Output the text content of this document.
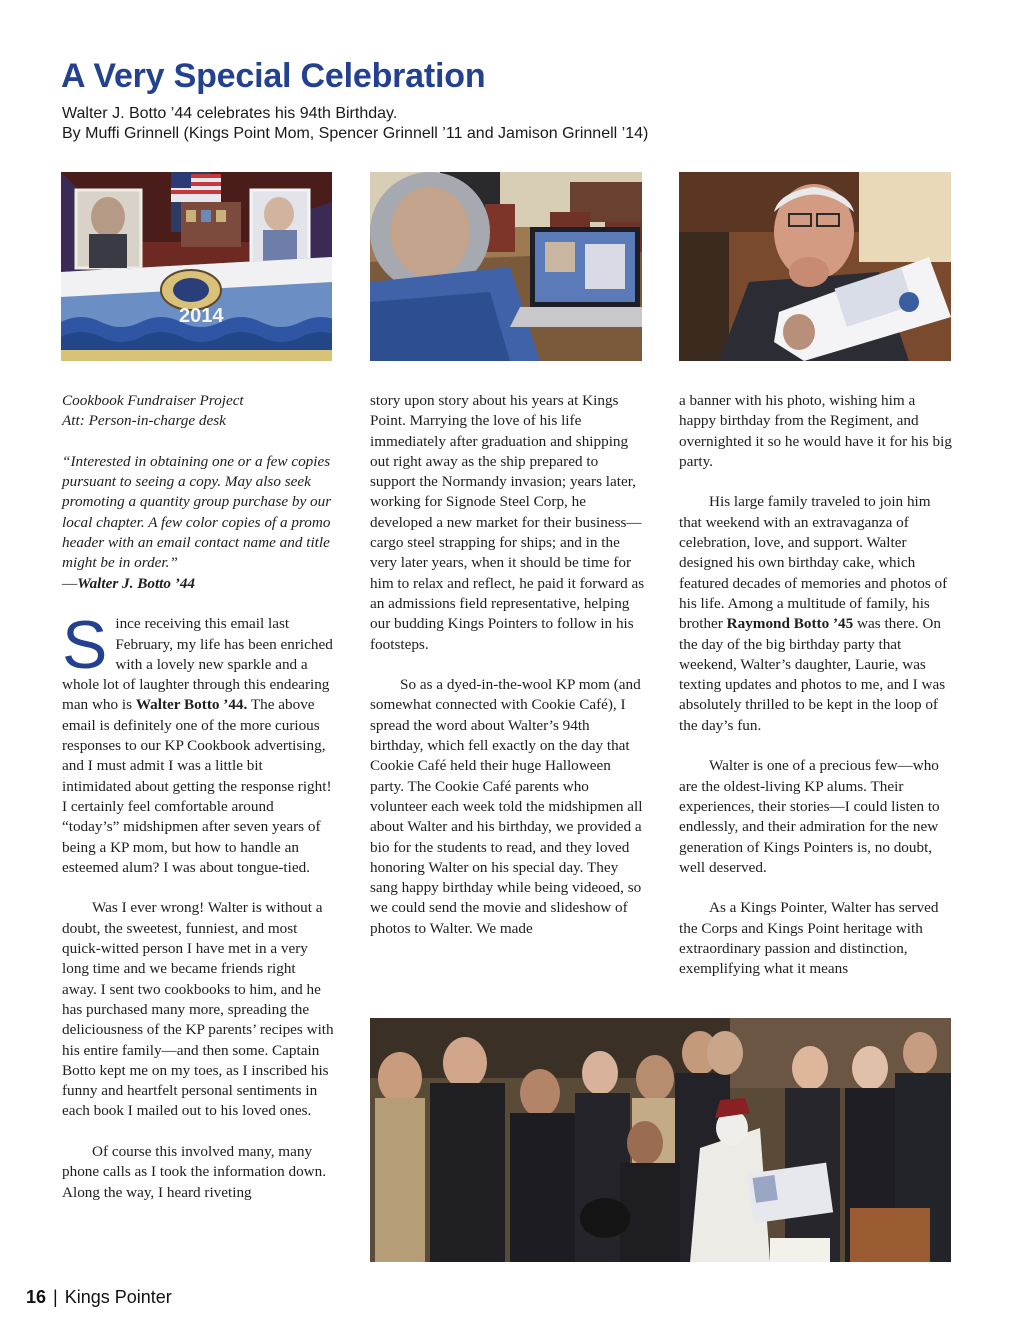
A Very Special Celebration
Walter J. Botto ’44 celebrates his 94th Birthday.
By Muffi Grinnell (Kings Point Mom, Spencer Grinnell ’11 and Jamison Grinnell ’14)
2014

Cookbook Fundraiser Project

Att: Person-in-charge desk

“Interested in obtaining one or a few copies pursuant to seeing a copy. May also seek promoting a quantity group purchase by our local chapter. A few color copies of a promo header with an email contact name and title might be in order.”

—Walter J. Botto ’44

Since receiving this email last February, my life has been enriched with a lovely new sparkle and a whole lot of laughter through this endearing man who is Walter Botto ’44. The above email is definitely one of the more curious responses to our KP Cookbook advertising, and I must admit I was a little bit intimidated about getting the response right! I certainly feel comfortable around “today’s” midshipmen after seven years of being a KP mom, but how to handle an esteemed alum? I was about tongue-tied.

Was I ever wrong! Walter is without a doubt, the sweetest, funniest, and most quick-witted person I have met in a very long time and we became friends right away. I sent two cookbooks to him, and he has purchased many more, spreading the deliciousness of the KP parents’ recipes with his entire family—and then some. Captain Botto kept me on my toes, as I inscribed his funny and heartfelt personal sentiments in each book I mailed out to his loved ones.

Of course this involved many, many phone calls as I took the information down. Along the way, I heard riveting

story upon story about his years at Kings Point. Marrying the love of his life immediately after graduation and shipping out right away as the ship prepared to support the Normandy invasion; years later, working for Signode Steel Corp, he developed a new market for their business—cargo steel strapping for ships; and in the very later years, when it should be time for him to relax and reflect, he paid it forward as an admissions field representative, helping our budding Kings Pointers to follow in his footsteps.

So as a dyed-in-the-wool KP mom (and somewhat connected with Cookie Café), I spread the word about Walter’s 94th birthday, which fell exactly on the day that Cookie Café held their huge Halloween party. The Cookie Café parents who volunteer each week told the midshipmen all about Walter and his birthday, we provided a bio for the students to read, and they loved honoring Walter on his special day. They sang happy birthday while being videoed, so we could send the movie and slideshow of photos to Walter. We made

a banner with his photo, wishing him a happy birthday from the Regiment, and overnighted it so he would have it for his big party.

His large family traveled to join him that weekend with an extravaganza of celebration, love, and support. Walter designed his own birthday cake, which featured decades of memories and photos of his life. Among a multitude of family, his brother Raymond Botto ’45 was there. On the day of the big birthday party that weekend, Walter’s daughter, Laurie, was texting updates and photos to me, and I was absolutely thrilled to be kept in the loop of the day’s fun.

Walter is one of a precious few—who are the oldest-living KP alums. Their experiences, their stories—I could listen to endlessly, and their admiration for the new generation of Kings Pointers is, no doubt, well deserved.

As a Kings Pointer, Walter has served the Corps and Kings Point heritage with extraordinary passion and distinction, exemplifying what it means

16 | Kings Pointer
